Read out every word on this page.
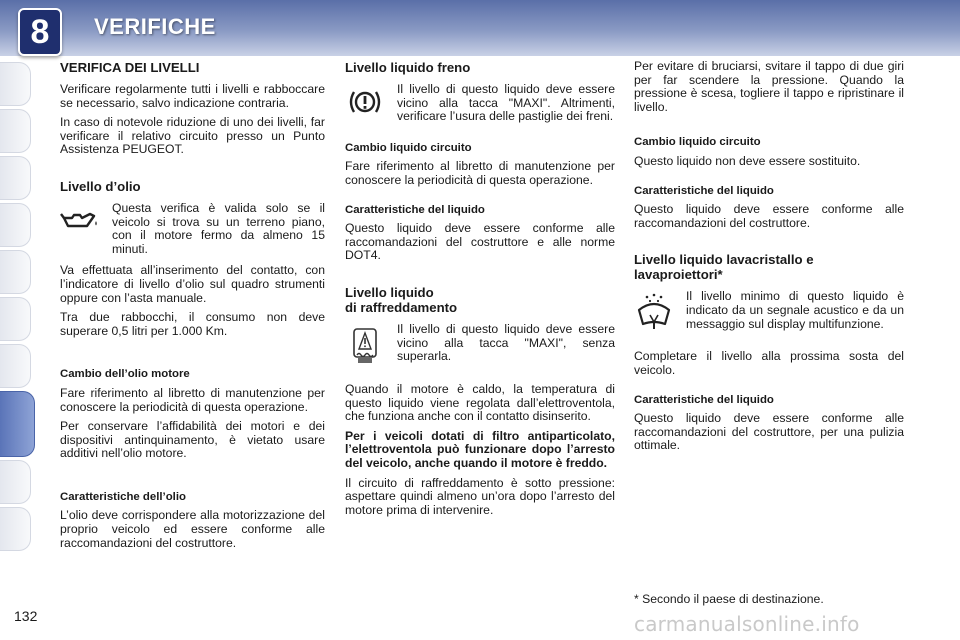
8	VERIFICHE
VERIFICA DEI LIVELLI

Verificare regolarmente tutti i livelli e rabboccare se necessario, salvo indicazione contraria.

In caso di notevole riduzione di uno dei livelli, far verificare il relativo circuito presso un Punto Assistenza PEUGEOT.

Livello d’olio

Questa verifica è valida solo se il veicolo si trova su un terreno piano, con il motore fermo da almeno 15 minuti.

Va effettuata all’inserimento del contatto, con l’indicatore di livello d’olio sul quadro strumenti oppure con l’asta manuale.

Tra due rabbocchi, il consumo non deve superare 0,5 litri per 1.000 Km.

Cambio dell’olio motore

Fare riferimento al libretto di manutenzione per conoscere la periodicità di questa operazione.

Per conservare l’affidabilità dei motori e dei dispositivi antinquinamento, è vietato usare additivi nell’olio motore.

Caratteristiche dell’olio

L’olio deve corrispondere alla motorizzazione del proprio veicolo ed essere conforme alle raccomandazioni del costruttore.

Livello liquido freno

Il livello di questo liquido deve essere vicino alla tacca "MAXI". Altrimenti, verificare l’usura delle pastiglie dei freni.

Cambio liquido circuito

Fare riferimento al libretto di manutenzione per conoscere la periodicità di questa operazione.

Caratteristiche del liquido

Questo liquido deve essere conforme alle raccomandazioni del costruttore e alle norme DOT4.

Livello liquido
di raffreddamento

Il livello di questo liquido deve essere vicino alla tacca "MAXI", senza superarla.

Quando il motore è caldo, la temperatura di questo liquido viene regolata dall’elettroventola, che funziona anche con il contatto disinserito.

Per i veicoli dotati di filtro antiparticolato, l’elettroventola può funzionare dopo l’arresto del veicolo, anche quando il motore è freddo.

Il circuito di raffreddamento è sotto pressione: aspettare quindi almeno un’ora dopo l’arresto del motore prima di intervenire.

Per evitare di bruciarsi, svitare il tappo di due giri per far scendere la pressione. Quando la pressione è scesa, togliere il tappo e ripristinare il livello.

Cambio liquido circuito

Questo liquido non deve essere sostituito.

Caratteristiche del liquido

Questo liquido deve essere conforme alle raccomandazioni del costruttore.

Livello liquido lavacristallo e lavaproiettori*

Il livello minimo di questo liquido è indicato da un segnale acustico e da un messaggio sul display multifunzione.

Completare il livello alla prossima sosta del veicolo.

Caratteristiche del liquido

Questo liquido deve essere conforme alle raccomandazioni del costruttore, per una pulizia ottimale.

* Secondo il paese di destinazione.
132	carmanualsonline.info
